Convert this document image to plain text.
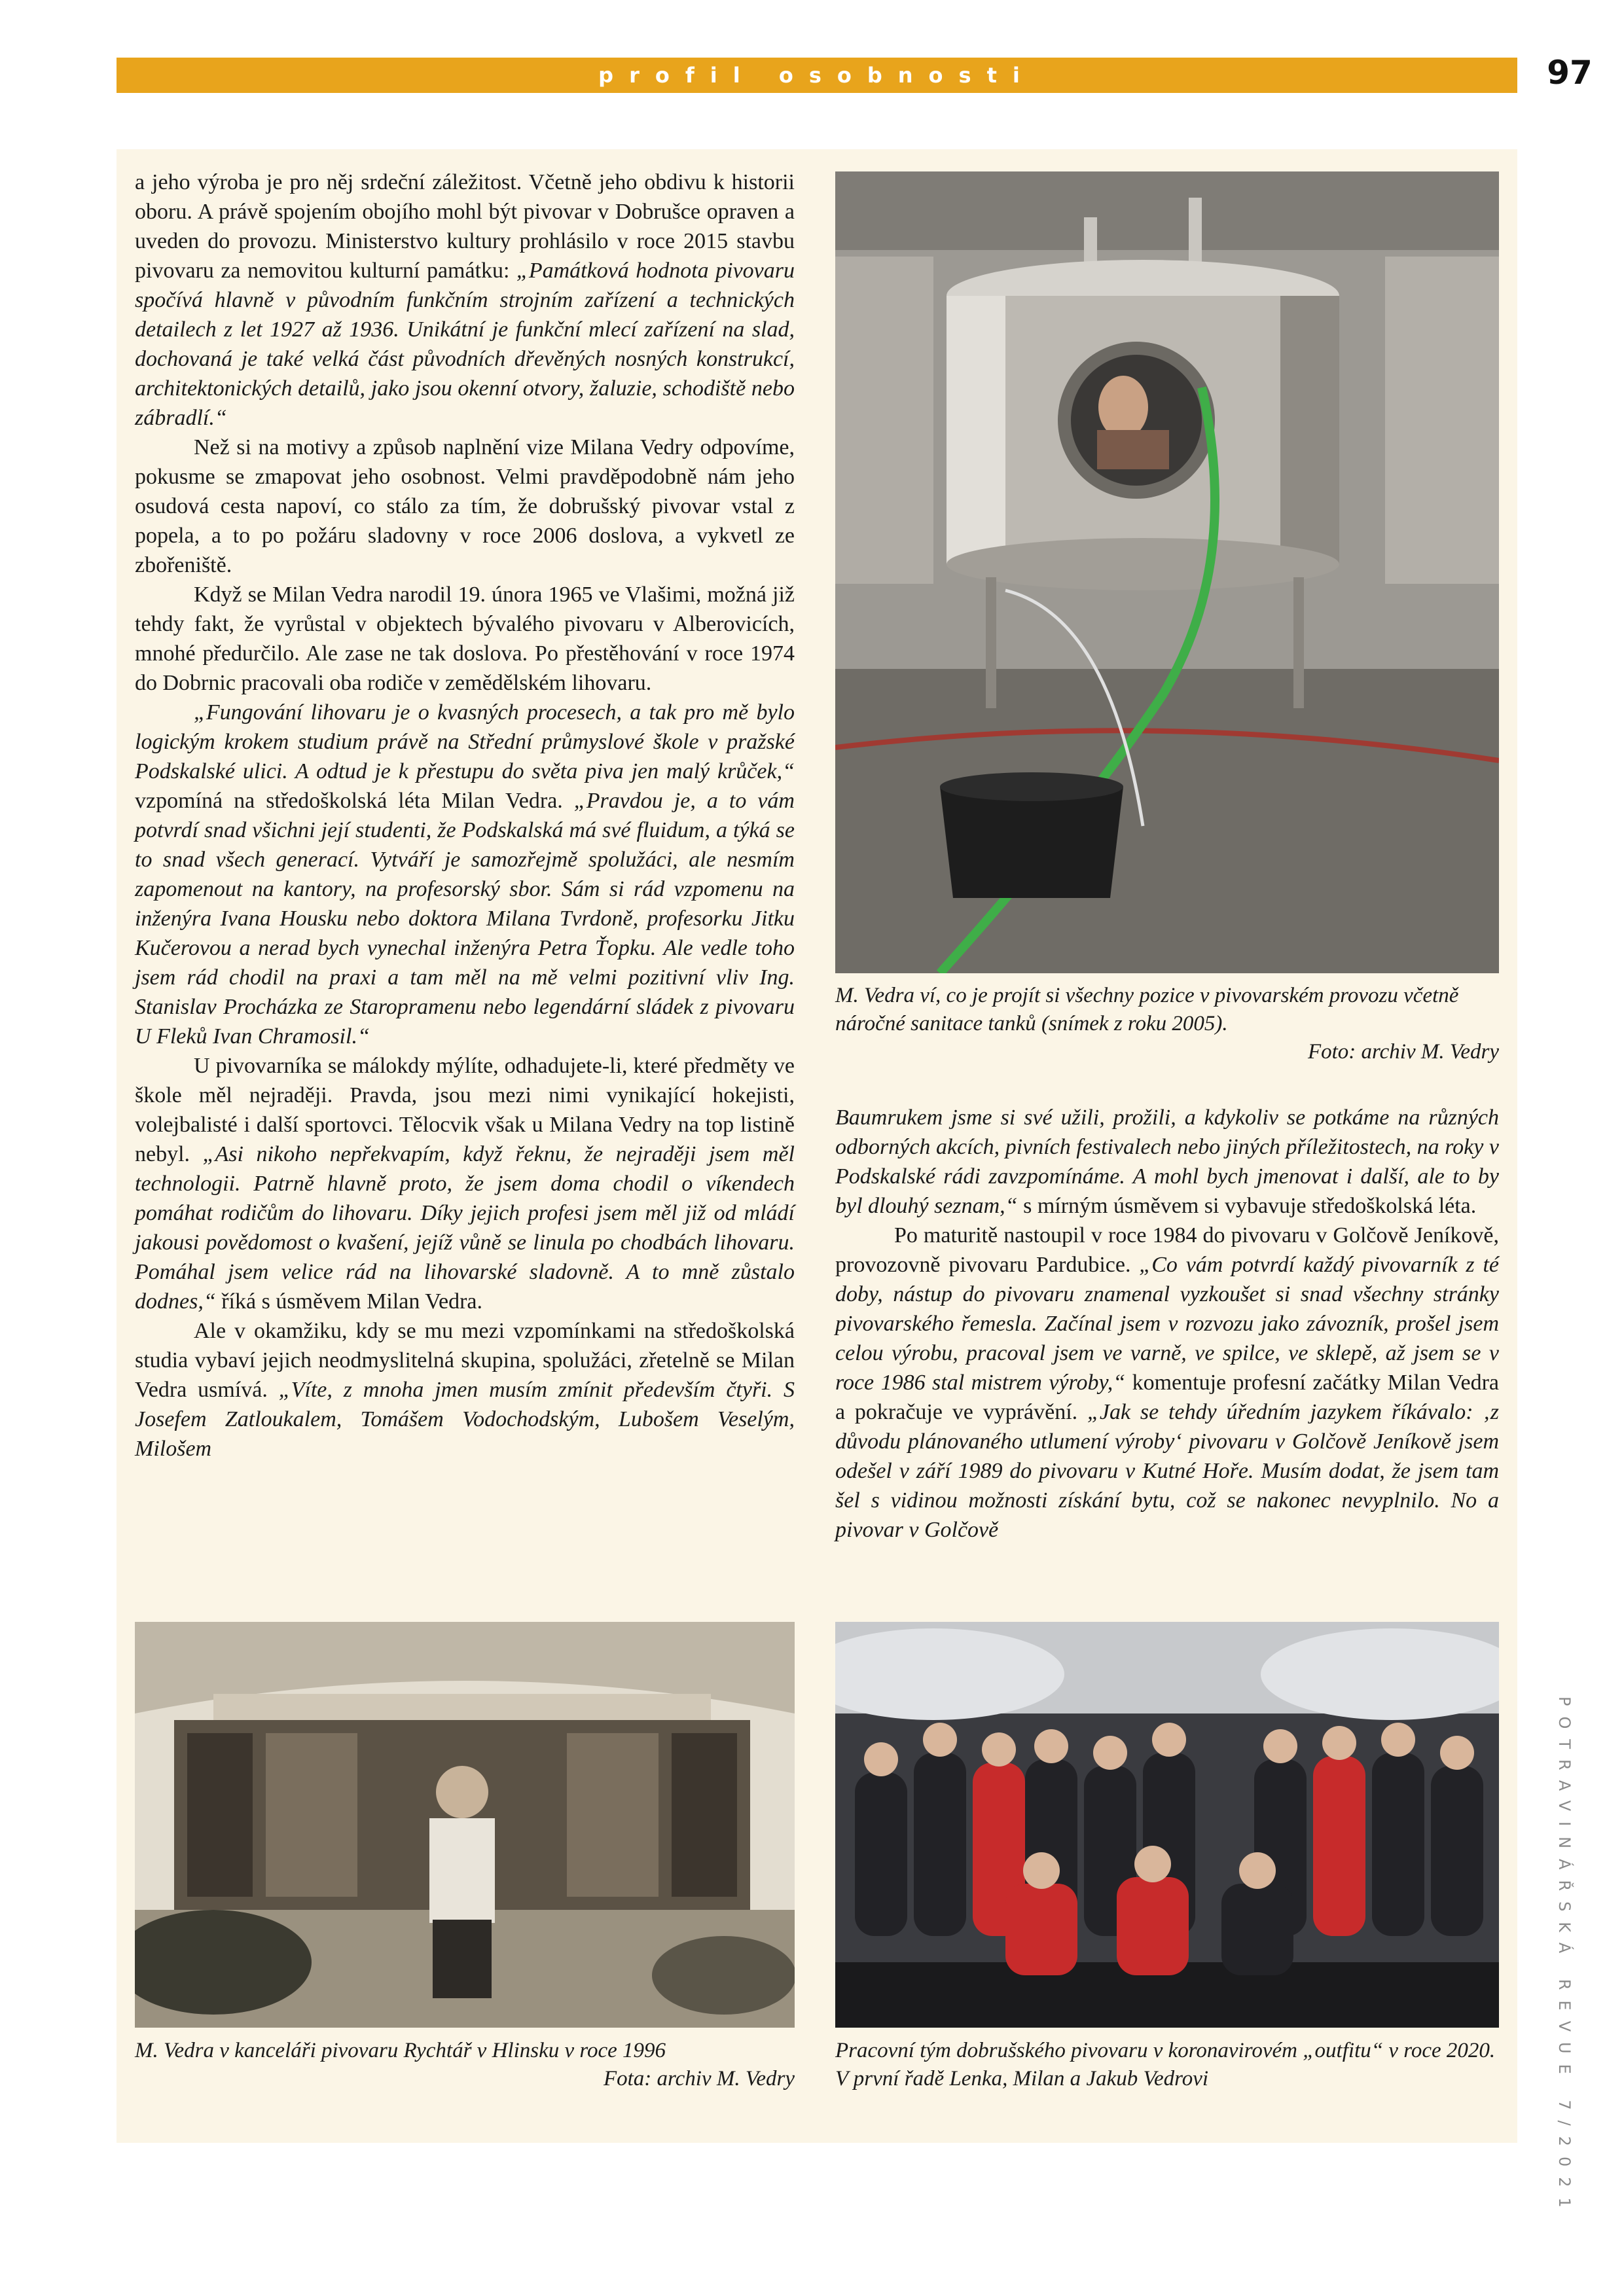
profil osobnosti	97
POTRAVINÁŘSKÁ REVUE 7/2021

a jeho výroba je pro něj srdeční záležitost. Včetně jeho obdivu k historii oboru. A právě spojením obojího mohl být pivovar v Dobrušce opraven a uveden do provozu. Ministerstvo kultury prohlásilo v roce 2015 stavbu pivovaru za nemovitou kulturní památku: „Památková hodnota pivovaru spočívá hlavně v původním funkčním strojním zařízení a technických detailech z let 1927 až 1936. Unikátní je funkční mlecí zařízení na slad, dochovaná je také velká část původních dřevěných nosných konstrukcí, architektonických detailů, jako jsou okenní otvory, žaluzie, schodiště nebo zábradlí.“

Než si na motivy a způsob naplnění vize Milana Vedry odpovíme, pokusme se zmapovat jeho osobnost. Velmi pravděpodobně nám jeho osudová cesta napoví, co stálo za tím, že dobrušský pivovar vstal z popela, a to po požáru sladovny v roce 2006 doslova, a vykvetl ze zbořeniště.

Když se Milan Vedra narodil 19. února 1965 ve Vlašimi, možná již tehdy fakt, že vyrůstal v objektech bývalého pivovaru v Alberovicích, mnohé předurčilo. Ale zase ne tak doslova. Po přestěhování v roce 1974 do Dobrnic pracovali oba rodiče v zemědělském lihovaru.

„Fungování lihovaru je o kvasných procesech, a tak pro mě bylo logickým krokem studium právě na Střední průmyslové škole v pražské Podskalské ulici. A odtud je k přestupu do světa piva jen malý krůček,“ vzpomíná na středoškolská léta Milan Vedra. „Pravdou je, a to vám potvrdí snad všichni její studenti, že Podskalská má své fluidum, a týká se to snad všech generací. Vytváří je samozřejmě spolužáci, ale nesmím zapomenout na kantory, na profesorský sbor. Sám si rád vzpomenu na inženýra Ivana Housku nebo doktora Milana Tvrdoně, profesorku Jitku Kučerovou a nerad bych vynechal inženýra Petra Ťopku. Ale vedle toho jsem rád chodil na praxi a tam měl na mě velmi pozitivní vliv Ing. Stanislav Procházka ze Staropramenu nebo legendární sládek z pivovaru U Fleků Ivan Chramosil.“

U pivovarníka se málokdy mýlíte, odhadujete-li, které předměty ve škole měl nejraději. Pravda, jsou mezi nimi vynikající hokejisti, volejbalisté i další sportovci. Tělocvik však u Milana Vedry na top listině nebyl. „Asi nikoho nepřekvapím, když řeknu, že nejraději jsem měl technologii. Patrně hlavně proto, že jsem doma chodil o víkendech pomáhat rodičům do lihovaru. Díky jejich profesi jsem měl již od mládí jakousi povědomost o kvašení, jejíž vůně se linula po chodbách lihovaru. Pomáhal jsem velice rád na lihovarské sladovně. A to mně zůstalo dodnes,“ říká s úsměvem Milan Vedra.

Ale v okamžiku, kdy se mu mezi vzpomínkami na středoškolská studia vybaví jejich neodmyslitelná skupina, spolužáci, zřetelně se Milan Vedra usmívá. „Víte, z mnoha jmen musím zmínit především čtyři. S Josefem Zatloukalem, Tomášem Vodochodským, Lubošem Veselým, Milošem

M. Vedra ví, co je projít si všechny pozice v pivovarském provozu včetně náročné sanitace tanků (snímek z roku 2005).
Foto: archiv M. Vedry

Baumrukem jsme si své užili, prožili, a kdykoliv se potkáme na různých odborných akcích, pivních festivalech nebo jiných příležitostech, na roky v Podskalské rádi zavzpomínáme. A mohl bych jmenovat i další, ale to by byl dlouhý seznam,“ s mírným úsměvem si vybavuje středoškolská léta.

Po maturitě nastoupil v roce 1984 do pivovaru v Golčově Jeníkově, provozovně pivovaru Pardubice. „Co vám potvrdí každý pivovarník z té doby, nástup do pivovaru znamenal vyzkoušet si snad všechny stránky pivovarského řemesla. Začínal jsem v rozvozu jako závozník, prošel jsem celou výrobu, pracoval jsem ve varně, ve spilce, ve sklepě, až jsem se v roce 1986 stal mistrem výroby,“ komentuje profesní začátky Milan Vedra a pokračuje ve vyprávění. „Jak se tehdy úředním jazykem říkávalo: ‚z důvodu plánovaného utlumení výroby‘ pivovaru v Golčově Jeníkově jsem odešel v září 1989 do pivovaru v Kutné Hoře. Musím dodat, že jsem tam šel s vidinou možnosti získání bytu, což se nakonec nevyplnilo. No a pivovar v Golčově

M. Vedra v kanceláři pivovaru Rychtář v Hlinsku v roce 1996
Fota: archiv M. Vedry
Pracovní tým dobrušského pivovaru v koronavirovém „outfitu“ v roce 2020. V první řadě Lenka, Milan a Jakub Vedrovi
